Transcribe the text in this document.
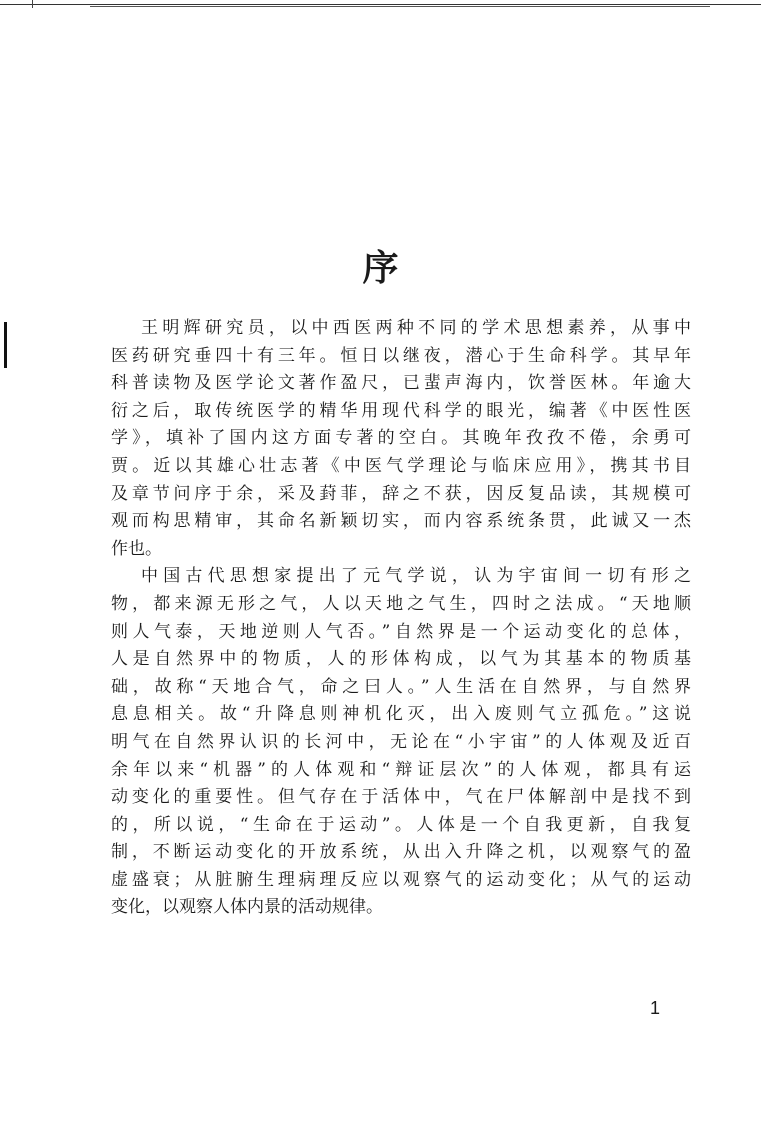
序
王明辉研究员，以中西医两种不同的学术思想素养，从事中
医药研究垂四十有三年。恒日以继夜，潜心于生命科学。其早年
科普读物及医学论文著作盈尺，已蜚声海内，饮誉医林。年逾大
衍之后，取传统医学的精华用现代科学的眼光，编著《中医性医
学》，填补了国内这方面专著的空白。其晚年孜孜不倦，余勇可
贾。近以其雄心壮志著《中医气学理论与临床应用》，携其书目
及章节问序于余，采及葑菲，辞之不获，因反复品读，其规模可
观而构思精审，其命名新颖切实，而内容系统条贯，此诚又一杰
作也。
中国古代思想家提出了元气学说，认为宇宙间一切有形之
物，都来源无形之气，人以天地之气生，四时之法成。“天地顺
则人气泰，天地逆则人气否。”自然界是一个运动变化的总体，
人是自然界中的物质，人的形体构成，以气为其基本的物质基
础，故称“天地合气，命之曰人。”人生活在自然界，与自然界
息息相关。故“升降息则神机化灭，出入废则气立孤危。”这说
明气在自然界认识的长河中，无论在“小宇宙”的人体观及近百
余年以来“机器”的人体观和“辩证层次”的人体观，都具有运
动变化的重要性。但气存在于活体中，气在尸体解剖中是找不到
的，所以说，“生命在于运动”。人体是一个自我更新，自我复
制，不断运动变化的开放系统，从出入升降之机，以观察气的盈
虚盛衰；从脏腑生理病理反应以观察气的运动变化；从气的运动
变化，以观察人体内景的活动规律。
1
